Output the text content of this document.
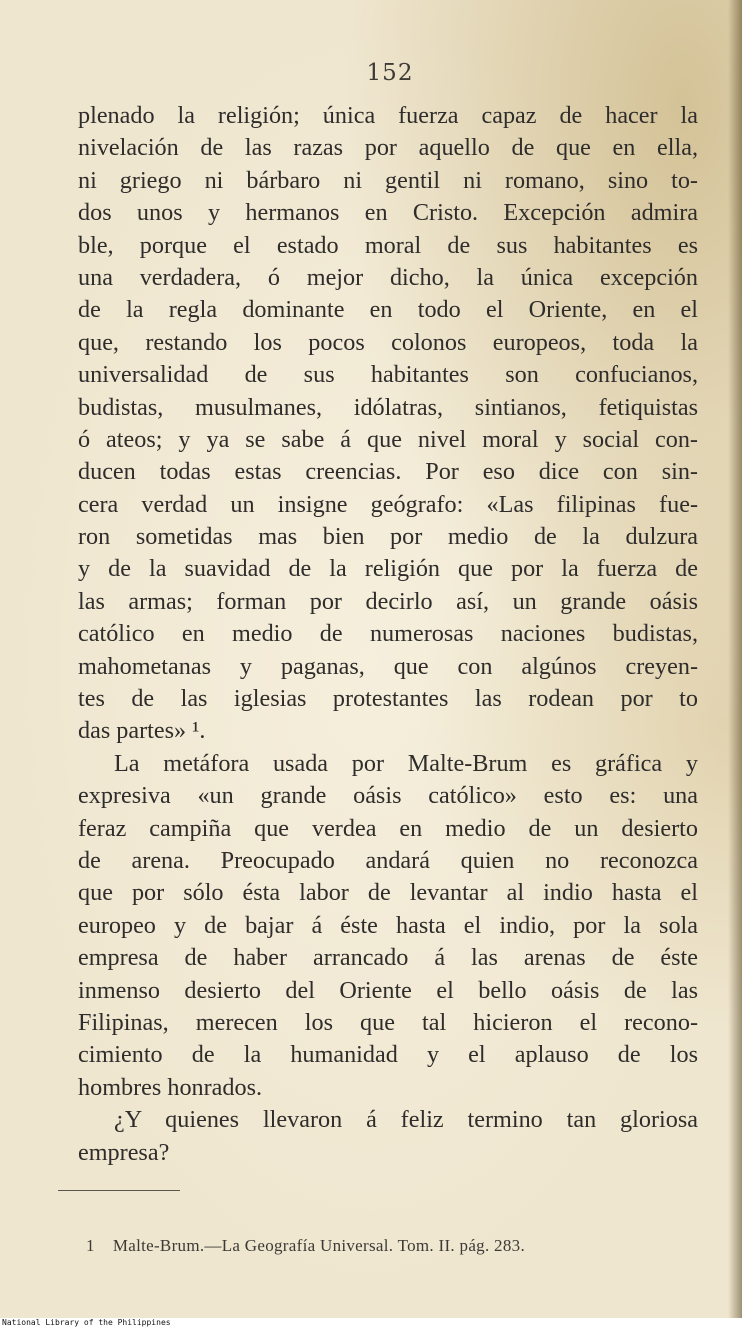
152
plenado la religión; única fuerza capaz de hacer la
nivelación de las razas por aquello de que en ella,
ni griego ni bárbaro ni gentil ni romano, sino to-
dos unos y hermanos en Cristo. Excepción admira
ble, porque el estado moral de sus habitantes es
una verdadera, ó mejor dicho, la única excepción
de la regla dominante en todo el Oriente, en el
que, restando los pocos colonos europeos, toda la
universalidad de sus habitantes son confucianos,
budistas, musulmanes, idólatras, sintianos, fetiquistas
ó ateos; y ya se sabe á que nivel moral y social con-
ducen todas estas creencias. Por eso dice con sin-
cera verdad un insigne geógrafo: «Las filipinas fue-
ron sometidas mas bien por medio de la dulzura
y de la suavidad de la religión que por la fuerza de
las armas; forman por decirlo así, un grande oásis
católico en medio de numerosas naciones budistas,
mahometanas y paganas, que con algúnos creyen-
tes de las iglesias protestantes las rodean por to
das partes» ¹.
La metáfora usada por Malte-Brum es gráfica y
expresiva «un grande oásis católico» esto es: una
feraz campiña que verdea en medio de un desierto
de arena. Preocupado andará quien no reconozca
que por sólo ésta labor de levantar al indio hasta el
europeo y de bajar á éste hasta el indio, por la sola
empresa de haber arrancado á las arenas de éste
inmenso desierto del Oriente el bello oásis de las
Filipinas, merecen los que tal hicieron el recono-
cimiento de la humanidad y el aplauso de los
hombres honrados.
¿Y quienes llevaron á feliz termino tan gloriosa
empresa?
1 Malte-Brum.—La Geografía Universal. Tom. II. pág. 283.
National Library of the Philippines
